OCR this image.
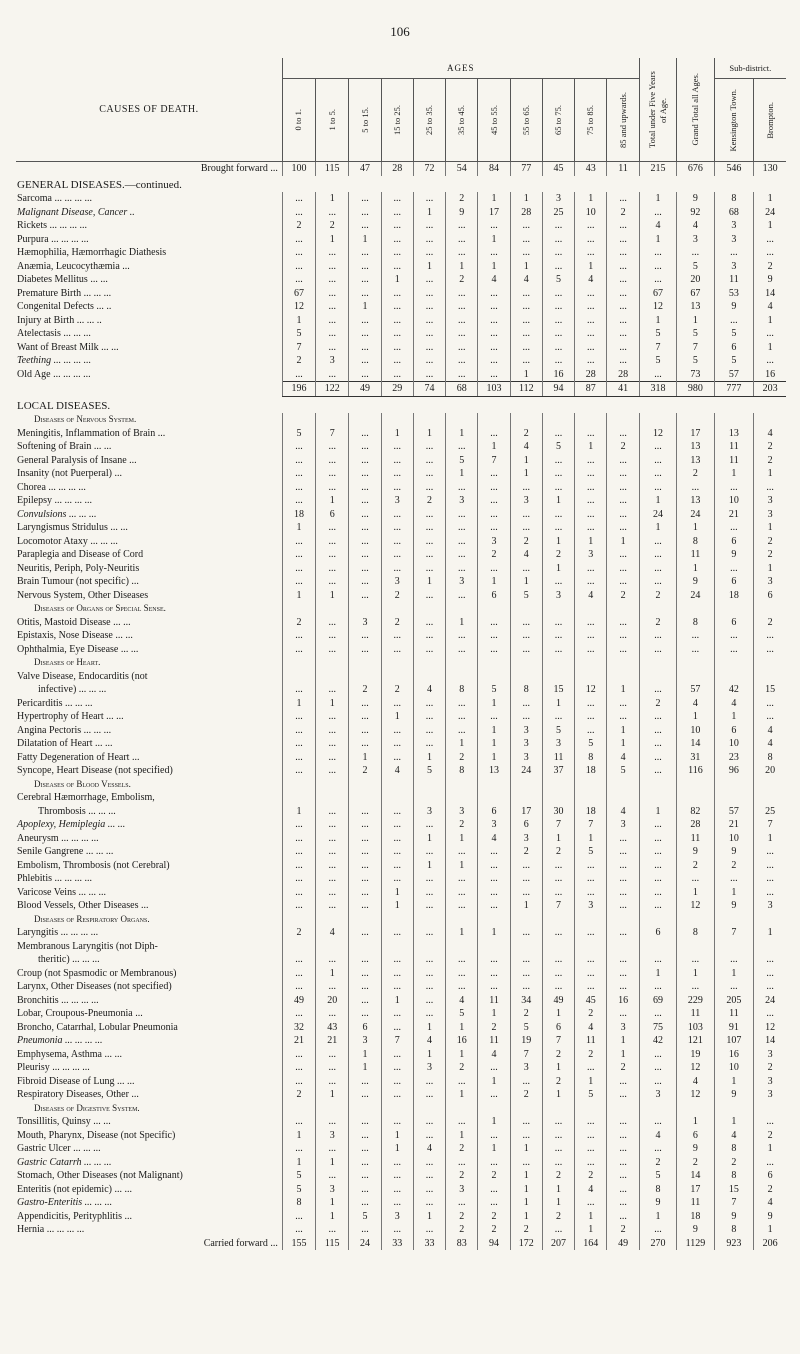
106
CAUSES OF DEATH.	AGES											Total under Five Years of Age.	Grand Total all Ages.	Sub-district.	

	0 to 1.	1 to 5.	5 to 15.	15 to 25.	25 to 35.	35 to 45.	45 to 55.	55 to 65.	65 to 75.	75 to 85.	85 and upwards.			Kensington Town.	Brompton.

Brought forward ...	100	115	47	28	72	54	84	77	45	43	11	215	676	546	130
GENERAL DISEASES.—continued.															
Sarcoma ... ... ... ...	...	1	...	...	...	2	1	1	3	1	...	1	9	8	1
Malignant Disease, Cancer ..	...	...	...	...	1	9	17	28	25	10	2	...	92	68	24
Rickets ... ... ... ...	2	2	...	...	...	...	...	...	...	...	...	4	4	3	1
Purpura ... ... ... ...	...	1	1	...	...	...	1	...	...	...	...	1	3	3	...
Hæmophilia, Hæmorrhagic Diathesis	...	...	...	...	...	...	...	...	...	...	...	...	...	...	...
Anæmia, Leucocythæmia ...	...	...	...	...	1	1	1	1	...	1	...	...	5	3	2
Diabetes Mellitus ... ...	...	...	...	1	...	2	4	4	5	4	...	...	20	11	9
Premature Birth ... ... ...	67	...	...	...	...	...	...	...	...	...	...	67	67	53	14
Congenital Defects ... ..	12	...	1	...	...	...	...	...	...	...	...	12	13	9	4
Injury at Birth ... ... ..	1	...	...	...	...	...	...	...	...	...	...	1	1	...	1
Atelectasis ... ... ...	5	...	...	...	...	...	...	...	...	...	...	5	5	5	...
Want of Breast Milk ... ...	7	...	...	...	...	...	...	...	...	...	...	7	7	6	1
Teething ... ... ... ...	2	3	...	...	...	...	...	...	...	...	...	5	5	5	...
Old Age ... ... ... ...	...	...	...	...	...	...	...	1	16	28	28	...	73	57	16
	196	122	49	29	74	68	103	112	94	87	41	318	980	777	203
LOCAL DISEASES.															
Diseases of Nervous System.															
Meningitis, Inflammation of Brain ...	5	7	...	1	1	1	...	2	...	...	...	12	17	13	4
Softening of Brain ... ...	...	...	...	...	...	...	1	4	5	1	2	...	13	11	2
General Paralysis of Insane ...	...	...	...	...	...	5	7	1	...	...	...	...	13	11	2
Insanity (not Puerperal) ...	...	...	...	...	...	1	...	1	...	...	...	...	2	1	1
Chorea ... ... ... ...	...	...	...	...	...	...	...	...	...	...	...	...	...	...	...
Epilepsy ... ... ... ...	...	1	...	3	2	3	...	3	1	...	...	1	13	10	3
Convulsions ... ... ...	18	6	...	...	...	...	...	...	...	...	...	24	24	21	3
Laryngismus Stridulus ... ...	1	...	...	...	...	...	...	...	...	...	...	1	1	...	1
Locomotor Ataxy ... ... ...	...	...	...	...	...	...	3	2	1	1	1	...	8	6	2
Paraplegia and Disease of Cord	...	...	...	...	...	...	2	4	2	3	...	...	11	9	2
Neuritis, Periph, Poly-Neuritis	...	...	...	...	...	...	...	...	1	...	...	...	1	...	1
Brain Tumour (not specific) ...	...	...	...	3	1	3	1	1	...	...	...	...	9	6	3
Nervous System, Other Diseases	1	1	...	2	...	...	6	5	3	4	2	2	24	18	6
Diseases of Organs of Special Sense.															
Otitis, Mastoid Disease ... ...	2	...	3	2	...	1	...	...	...	...	...	2	8	6	2
Epistaxis, Nose Disease ... ...	...	...	...	...	...	...	...	...	...	...	...	...	...	...	...
Ophthalmia, Eye Disease ... ...	...	...	...	...	...	...	...	...	...	...	...	...	...	...	...
Diseases of Heart.															
Valve Disease, Endocarditis (not															
infective) ... ... ...	...	...	2	2	4	8	5	8	15	12	1	...	57	42	15
Pericarditis ... ... ...	1	1	...	...	...	...	1	...	1	...	...	2	4	4	...
Hypertrophy of Heart ... ...	...	...	...	1	...	...	...	...	...	...	...	...	1	1	...
Angina Pectoris ... ... ...	...	...	...	...	...	...	1	3	5	...	1	...	10	6	4
Dilatation of Heart ... ...	...	...	...	...	...	1	1	3	3	5	1	...	14	10	4
Fatty Degeneration of Heart ...	...	...	1	...	1	2	1	3	11	8	4	...	31	23	8
Syncope, Heart Disease (not specified)	...	...	2	4	5	8	13	24	37	18	5	...	116	96	20
Diseases of Blood Vessels.															
Cerebral Hæmorrhage, Embolism,															
Thrombosis ... ... ...	1	...	...	...	3	3	6	17	30	18	4	1	82	57	25
Apoplexy, Hemiplegia ... ...	...	...	...	...	...	2	3	6	7	7	3	...	28	21	7
Aneurysm ... ... ... ...	...	...	...	...	1	1	4	3	1	1	...	...	11	10	1
Senile Gangrene ... ... ...	...	...	...	...	...	...	...	2	2	5	...	...	9	9	...
Embolism, Thrombosis (not Cerebral)	...	...	...	...	1	1	...	...	...	...	...	...	2	2	...
Phlebitis ... ... ... ...	...	...	...	...	...	...	...	...	...	...	...	...	...	...	...
Varicose Veins ... ... ...	...	...	...	1	...	...	...	...	...	...	...	...	1	1	...
Blood Vessels, Other Diseases ...	...	...	...	1	...	...	...	1	7	3	...	...	12	9	3
Diseases of Respiratory Organs.															
Laryngitis ... ... ... ...	2	4	...	...	...	1	1	...	...	...	...	6	8	7	1
Membranous Laryngitis (not Diph-															
theritic) ... ... ...	...	...	...	...	...	...	...	...	...	...	...	...	...	...	...
Croup (not Spasmodic or Membranous)	...	1	...	...	...	...	...	...	...	...	...	1	1	1	...
Larynx, Other Diseases (not specified)	...	...	...	...	...	...	...	...	...	...	...	...	...	...	...
Bronchitis ... ... ... ...	49	20	...	1	...	4	11	34	49	45	16	69	229	205	24
Lobar, Croupous-Pneumonia ...	...	...	...	...	...	5	1	2	1	2	...	...	11	11	...
Broncho, Catarrhal, Lobular Pneumonia	32	43	6	...	1	1	2	5	6	4	3	75	103	91	12
Pneumonia ... ... ... ...	21	21	3	7	4	16	11	19	7	11	1	42	121	107	14
Emphysema, Asthma ... ...	...	...	1	...	1	1	4	7	2	2	1	...	19	16	3
Pleurisy ... ... ... ...	...	...	1	...	3	2	...	3	1	...	2	...	12	10	2
Fibroid Disease of Lung ... ...	...	...	...	...	...	...	1	...	2	1	...	...	4	1	3
Respiratory Diseases, Other ...	2	1	...	...	...	1	...	2	1	5	...	3	12	9	3
Diseases of Digestive System.															
Tonsillitis, Quinsy ... ...	...	...	...	...	...	...	1	...	...	...	...	...	1	1	...
Mouth, Pharynx, Disease (not Specific)	1	3	...	1	...	1	...	...	...	...	...	4	6	4	2
Gastric Ulcer ... ... ...	...	...	...	1	4	2	1	1	...	...	...	...	9	8	1
Gastric Catarrh ... ... ...	1	1	...	...	...	...	...	...	...	...	...	2	2	2	...
Stomach, Other Diseases (not Malignant)	5	...	...	...	...	2	2	1	2	2	...	5	14	8	6
Enteritis (not epidemic) ... ...	5	3	...	...	...	3	...	1	1	4	...	8	17	15	2
Gastro-Enteritis ... ... ...	8	1	...	...	...	...	...	1	1	...	...	9	11	7	4
Appendicitis, Perityphlitis ...	...	1	5	3	1	2	2	1	2	1	...	1	18	9	9
Hernia ... ... ... ...	...	...	...	...	...	2	2	2	...	1	2	...	9	8	1
Carried forward ...	155	115	24	33	33	83	94	172	207	164	49	270	1129	923	206
